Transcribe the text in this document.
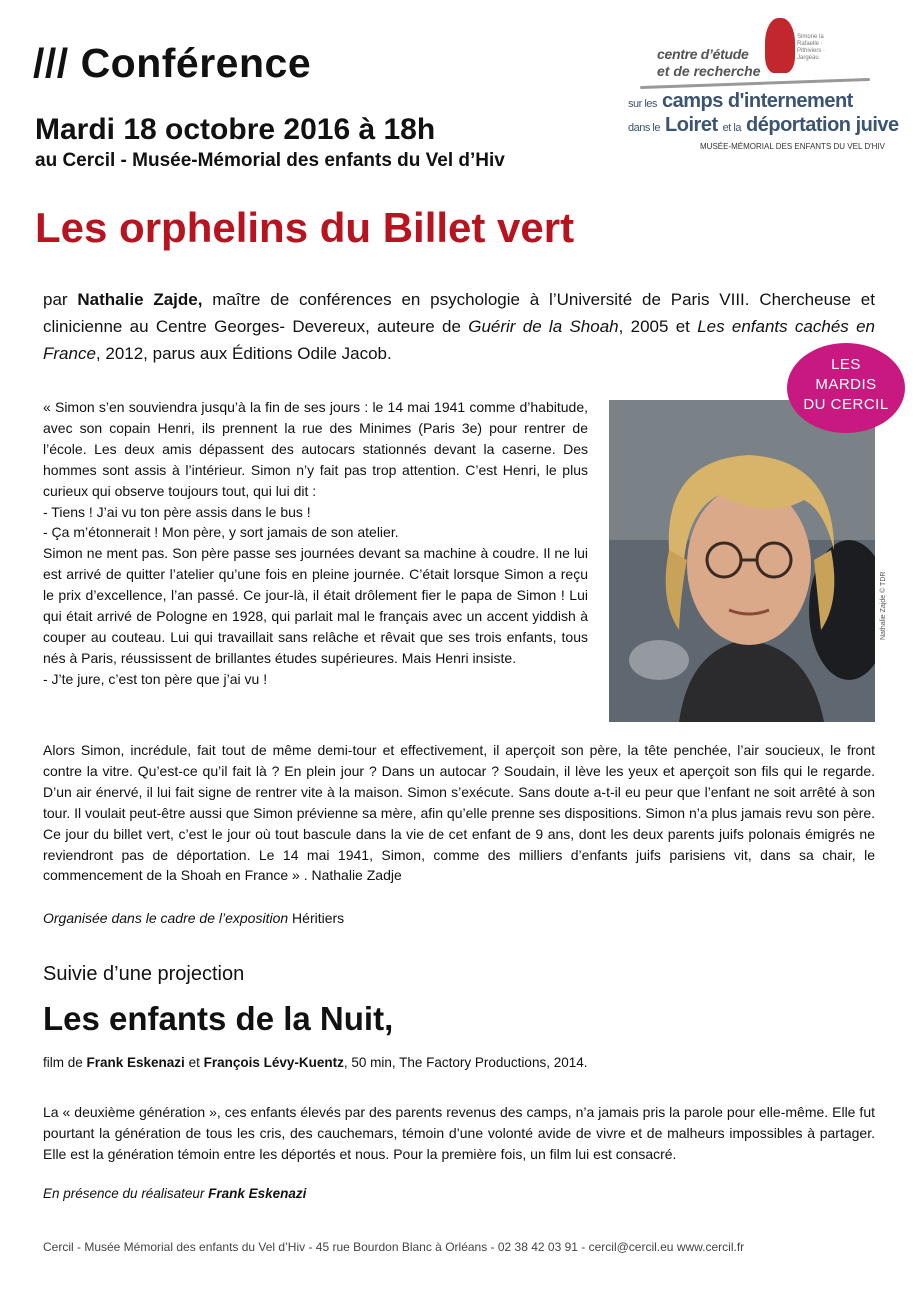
/// Conférence
Mardi 18 octobre 2016 à 18h
au Cercil - Musée-Mémorial des enfants du Vel d’Hiv
Les orphelins du Billet vert
Simone la Rafaelle · Pithiviers · Jargeau
centre d’étude
et de recherche
sur les camps d'internement
dans le Loiret et la déportation juive
MUSÉE-MÉMORIAL DES ENFANTS DU VEL D'HIV
par Nathalie Zajde, maître de conférences en psychologie à l’Université de Paris VIII. Chercheuse et clinicienne au Centre Georges- Devereux, auteure de Guérir de la Shoah, 2005 et Les enfants cachés en France, 2012, parus aux Éditions Odile Jacob.
Nathalie Zajde © TDR
LES
MARDIS
DU CERCIL
« Simon s’en souviendra jusqu’à la fin de ses jours : le 14 mai 1941 comme d’habitude, avec son copain Henri, ils prennent la rue des Minimes (Paris 3e) pour rentrer de l’école. Les deux amis dépassent des autocars stationnés devant la caserne. Des hommes sont assis à l’intérieur. Simon n’y fait pas trop attention. C’est Henri, le plus curieux qui observe toujours tout, qui lui dit :
- Tiens ! J’ai vu ton père assis dans le bus !
- Ça m’étonnerait ! Mon père, y sort jamais de son atelier.
Simon ne ment pas. Son père passe ses journées devant sa machine à coudre. Il ne lui est arrivé de quitter l’atelier qu’une fois en pleine journée. C’était lorsque Simon a reçu le prix d’excellence, l’an passé. Ce jour-là, il était drôlement fier le papa de Simon ! Lui qui était arrivé de Pologne en 1928, qui parlait mal le français avec un accent yiddish à couper au couteau. Lui qui travaillait sans relâche et rêvait que ses trois enfants, tous nés à Paris, réussissent de brillantes études supérieures. Mais Henri insiste.
- J’te jure, c’est ton père que j’ai vu !
Alors Simon, incrédule, fait tout de même demi-tour et effectivement, il aperçoit son père, la tête penchée, l’air soucieux, le front contre la vitre. Qu’est-ce qu’il fait là ? En plein jour ? Dans un autocar ? Soudain, il lève les yeux et aperçoit son fils qui le regarde. D’un air énervé, il lui fait signe de rentrer vite à la maison. Simon s’exécute. Sans doute a-t-il eu peur que l’enfant ne soit arrêté à son tour. Il voulait peut-être aussi que Simon prévienne sa mère, afin qu’elle prenne ses dispositions. Simon n’a plus jamais revu son père. Ce jour du billet vert, c’est le jour où tout bascule dans la vie de cet enfant de 9 ans, dont les deux parents juifs polonais émigrés ne reviendront pas de déportation. Le 14 mai 1941, Simon, comme des milliers d’enfants juifs parisiens vit, dans sa chair, le commencement de la Shoah en France » . Nathalie Zadje
Organisée dans le cadre de l’exposition Héritiers
Suivie d’une projection
Les enfants de la Nuit,
film de Frank Eskenazi et François Lévy-Kuentz, 50 min, The Factory Productions, 2014.
La « deuxième génération », ces enfants élevés par des parents revenus des camps, n’a jamais pris la parole pour elle-même. Elle fut pourtant la génération de tous les cris, des cauchemars, témoin d’une volonté avide de vivre et de malheurs impossibles à partager. Elle est la génération témoin entre les déportés et nous. Pour la première fois, un film lui est consacré.
En présence du réalisateur Frank Eskenazi
Cercil - Musée Mémorial des enfants du Vel d’Hiv - 45 rue Bourdon Blanc à Orléans - 02 38 42 03 91 - cercil@cercil.eu www.cercil.fr
